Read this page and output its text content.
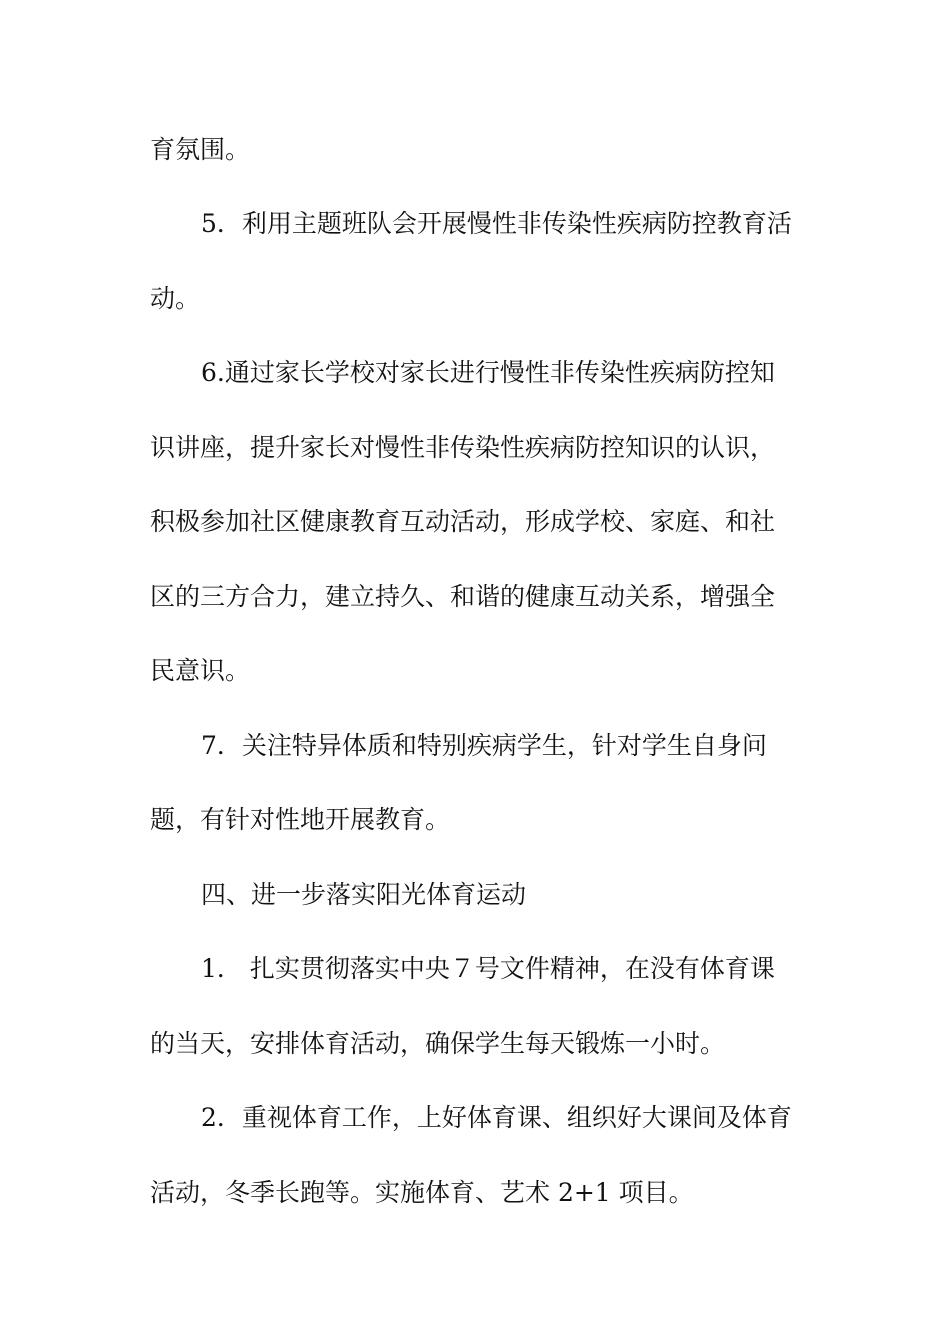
育氛围。
5．利用主题班队会开展慢性非传染性疾病防控教育活
动。
6.通过家长学校对家长进行慢性非传染性疾病防控知
识讲座，提升家长对慢性非传染性疾病防控知识的认识，
积极参加社区健康教育互动活动，形成学校、家庭、和社
区的三方合力，建立持久、和谐的健康互动关系，增强全
民意识。
7．关注特异体质和特别疾病学生，针对学生自身问
题，有针对性地开展教育。
四、进一步落实阳光体育运动
1． 扎实贯彻落实中央７号文件精神，在没有体育课
的当天，安排体育活动，确保学生每天锻炼一小时。
2．重视体育工作，上好体育课、组织好大课间及体育
活动，冬季长跑等。实施体育、艺术 2+1 项目。
